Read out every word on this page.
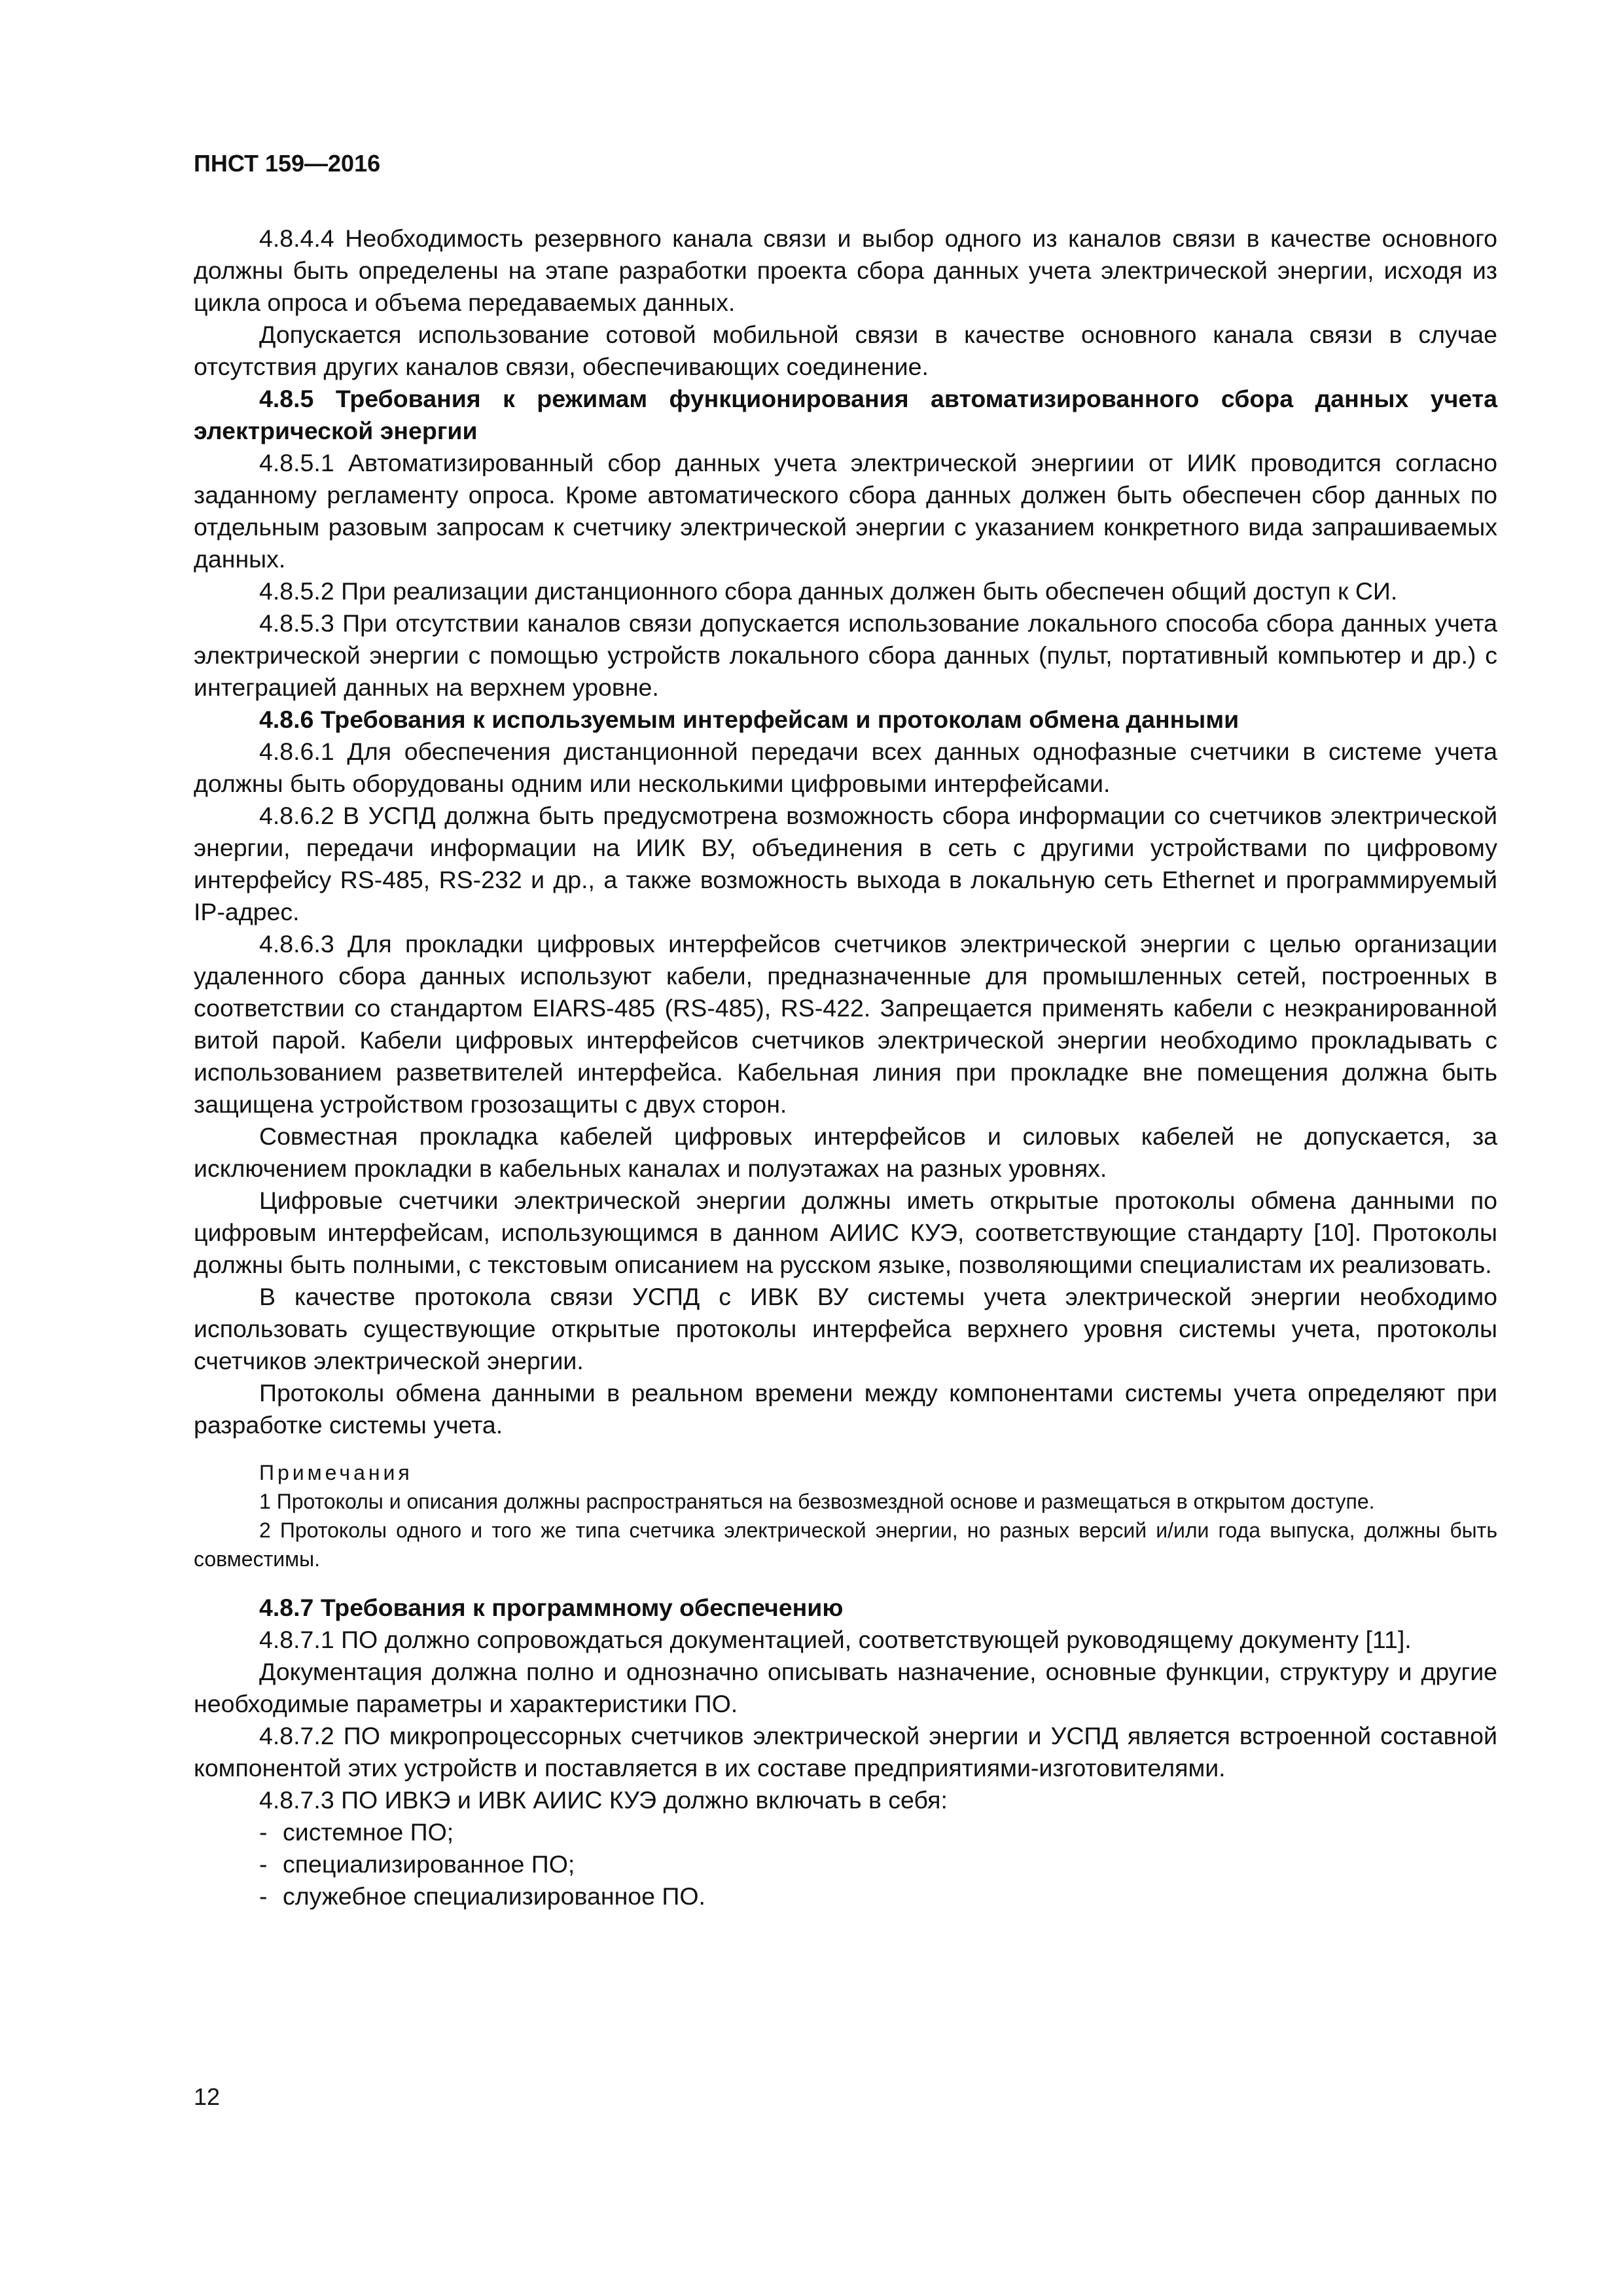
ПНСТ 159—2016
4.8.4.4 Необходимость резервного канала связи и выбор одного из каналов связи в качестве основного должны быть определены на этапе разработки проекта сбора данных учета электрической энергии, исходя из цикла опроса и объема передаваемых данных.
Допускается использование сотовой мобильной связи в качестве основного канала связи в случае отсутствия других каналов связи, обеспечивающих соединение.
4.8.5 Требования к режимам функционирования автоматизированного сбора данных учета электрической энергии
4.8.5.1 Автоматизированный сбор данных учета электрической энергиии от ИИК проводится согласно заданному регламенту опроса. Кроме автоматического сбора данных должен быть обеспечен сбор данных по отдельным разовым запросам к счетчику электрической энергии с указанием конкретного вида запрашиваемых данных.
4.8.5.2 При реализации дистанционного сбора данных должен быть обеспечен общий доступ к СИ.
4.8.5.3 При отсутствии каналов связи допускается использование локального способа сбора данных учета электрической энергии с помощью устройств локального сбора данных (пульт, портативный компьютер и др.) с интеграцией данных на верхнем уровне.
4.8.6 Требования к используемым интерфейсам и протоколам обмена данными
4.8.6.1 Для обеспечения дистанционной передачи всех данных однофазные счетчики в системе учета должны быть оборудованы одним или несколькими цифровыми интерфейсами.
4.8.6.2 В УСПД должна быть предусмотрена возможность сбора информации со счетчиков электрической энергии, передачи информации на ИИК ВУ, объединения в сеть с другими устройствами по цифровому интерфейсу RS-485, RS-232 и др., а также возможность выхода в локальную сеть Ethernet и программируемый IP-адрес.
4.8.6.3 Для прокладки цифровых интерфейсов счетчиков электрической энергии с целью организации удаленного сбора данных используют кабели, предназначенные для промышленных сетей, построенных в соответствии со стандартом EIARS-485 (RS-485), RS-422. Запрещается применять кабели с неэкранированной витой парой. Кабели цифровых интерфейсов счетчиков электрической энергии необходимо прокладывать с использованием разветвителей интерфейса. Кабельная линия при прокладке вне помещения должна быть защищена устройством грозозащиты с двух сторон.
Совместная прокладка кабелей цифровых интерфейсов и силовых кабелей не допускается, за исключением прокладки в кабельных каналах и полуэтажах на разных уровнях.
Цифровые счетчики электрической энергии должны иметь открытые протоколы обмена данными по цифровым интерфейсам, использующимся в данном АИИС КУЭ, соответствующие стандарту [10]. Протоколы должны быть полными, с текстовым описанием на русском языке, позволяющими специалистам их реализовать.
В качестве протокола связи УСПД с ИВК ВУ системы учета электрической энергии необходимо использовать существующие открытые протоколы интерфейса верхнего уровня системы учета, протоколы счетчиков электрической энергии.
Протоколы обмена данными в реальном времени между компонентами системы учета определяют при разработке системы учета.
Примечания
1 Протоколы и описания должны распространяться на безвозмездной основе и размещаться в открытом доступе.
2 Протоколы одного и того же типа счетчика электрической энергии, но разных версий и/или года выпуска, должны быть совместимы.
4.8.7 Требования к программному обеспечению
4.8.7.1 ПО должно сопровождаться документацией, соответствующей руководящему документу [11].
Документация должна полно и однозначно описывать назначение, основные функции, структуру и другие необходимые параметры и характеристики ПО.
4.8.7.2 ПО микропроцессорных счетчиков электрической энергии и УСПД является встроенной составной компонентой этих устройств и поставляется в их составе предприятиями-изготовителями.
4.8.7.3 ПО ИВКЭ и ИВК АИИС КУЭ должно включать в себя:
- системное ПО;
- специализированное ПО;
- служебное специализированное ПО.
12
